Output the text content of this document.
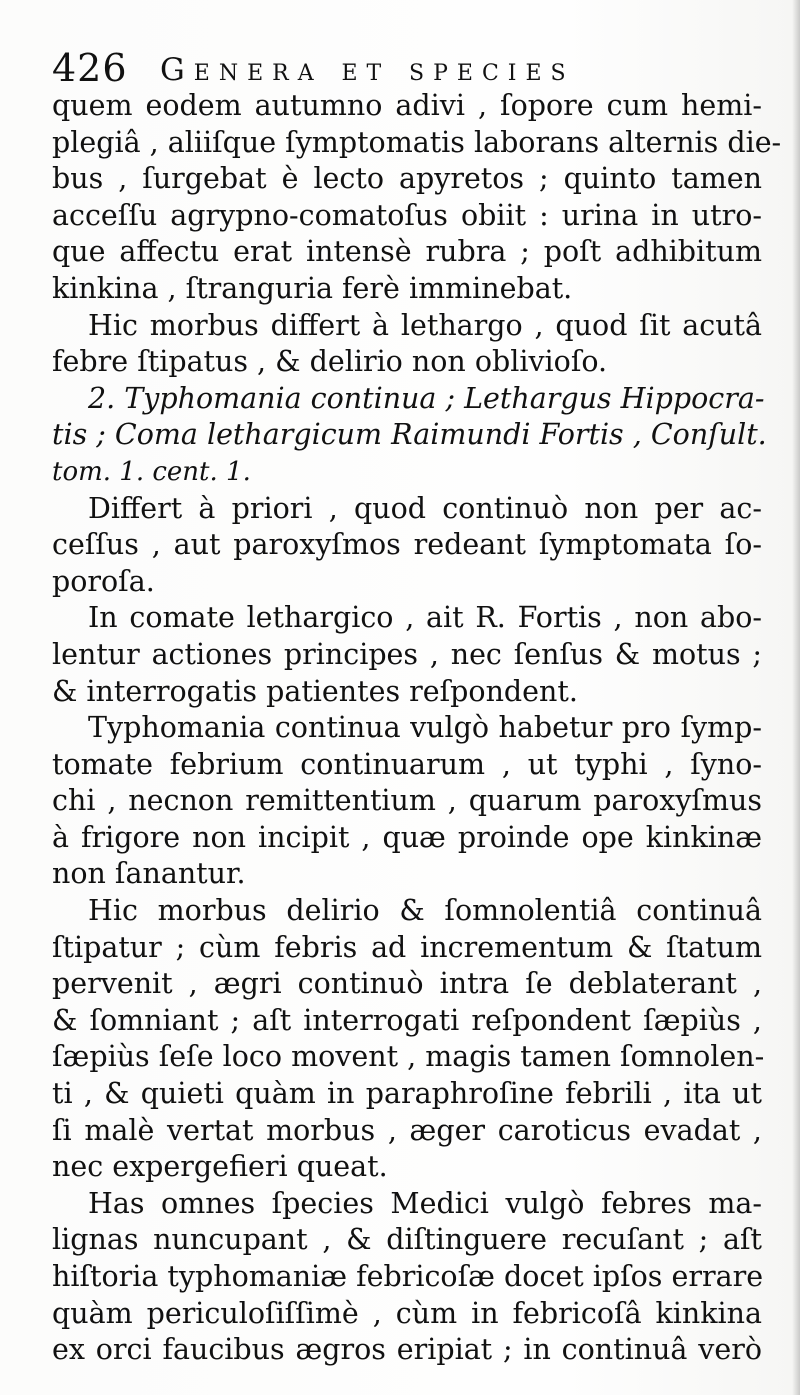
426 Genera et species
quem eodem autumno adivi , ſopore cum hemi-
plegiâ , aliiſque ſymptomatis laborans alternis die-
bus , ſurgebat è lecto apyretos ; quinto tamen
acceſſu agrypno-comatoſus obiit : urina in utro-
que affectu erat intensè rubra ; poſt adhibitum
kinkina , ſtranguria ferè imminebat.
Hic morbus differt à lethargo , quod ſit acutâ
febre ſtipatus , & delirio non oblivioſo.
2. Typhomania continua ; Lethargus Hippocra-
tis ; Coma lethargicum Raimundi Fortis , Conſult.
tom. 1. cent. 1.
Differt à priori , quod continuò non per ac-
ceſſus , aut paroxyſmos redeant ſymptomata ſo-
poroſa.
In comate lethargico , ait R. Fortis , non abo-
lentur actiones principes , nec ſenſus & motus ;
& interrogatis patientes reſpondent.
Typhomania continua vulgò habetur pro ſymp-
tomate febrium continuarum , ut typhi , ſyno-
chi , necnon remittentium , quarum paroxyſmus
à frigore non incipit , quæ proinde ope kinkinæ
non ſanantur.
Hic morbus delirio & ſomnolentiâ continuâ
ſtipatur ; cùm febris ad incrementum & ſtatum
pervenit , ægri continuò intra ſe deblaterant ,
& ſomniant ; aſt interrogati reſpondent ſæpiùs ,
ſæpiùs ſeſe loco movent , magis tamen ſomnolen-
ti , & quieti quàm in paraphroſine febrili , ita ut
ſi malè vertat morbus , æger caroticus evadat ,
nec expergefieri queat.
Has omnes ſpecies Medici vulgò febres ma-
lignas nuncupant , & diſtinguere recuſant ; aſt
hiſtoria typhomaniæ febricoſæ docet ipſos errare
quàm periculoſiſſimè , cùm in febricoſâ kinkina
ex orci faucibus ægros eripiat ; in continuâ verò
